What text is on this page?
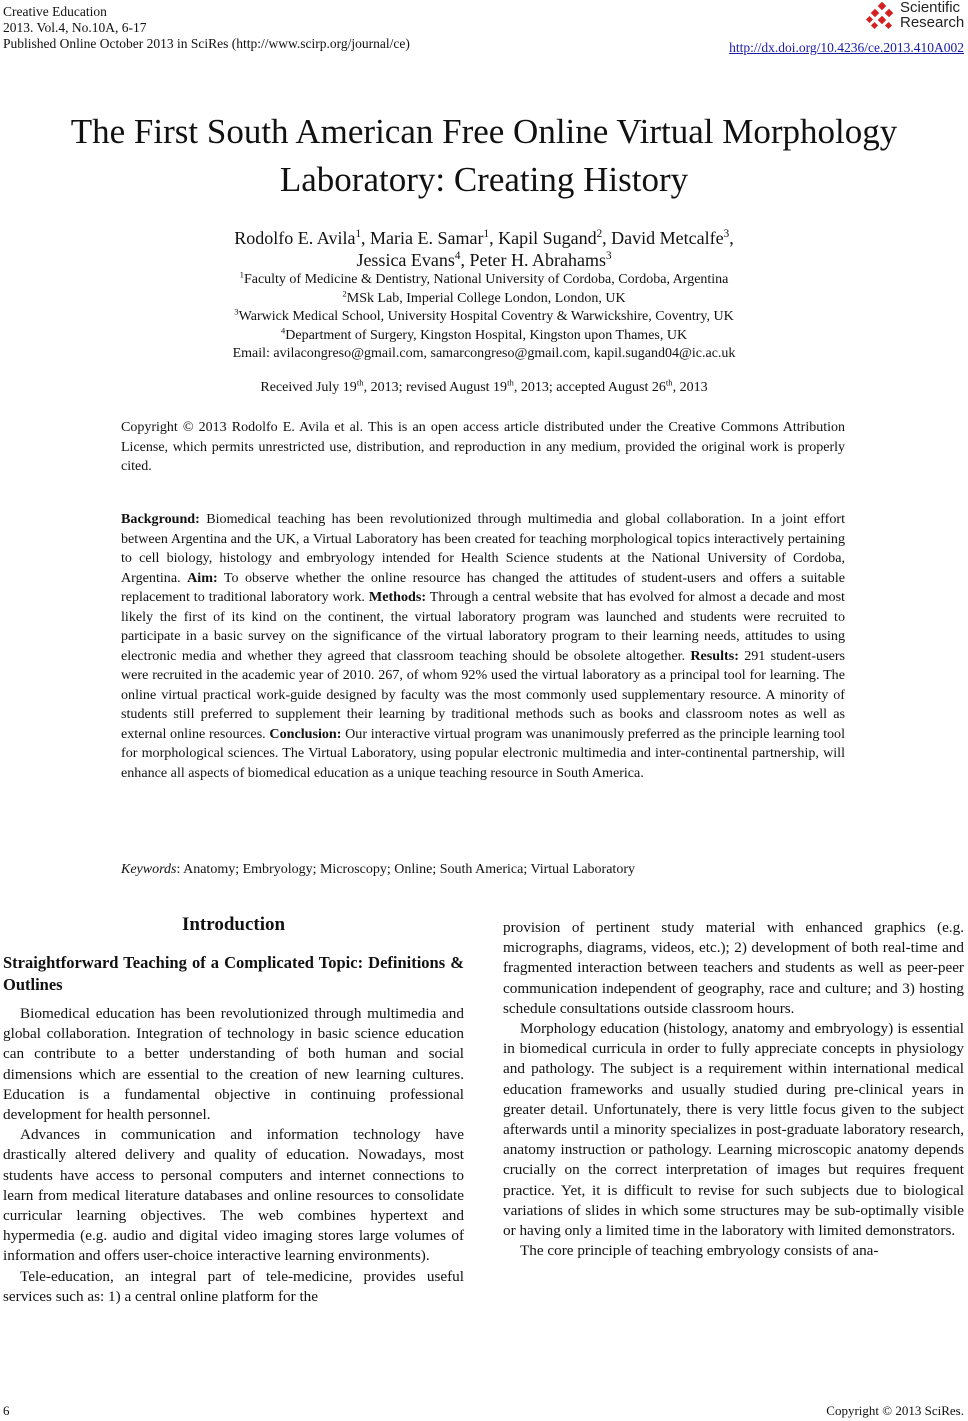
Creative Education
2013. Vol.4, No.10A, 6-17
Published Online October 2013 in SciRes (http://www.scirp.org/journal/ce)
Scientific
Research
http://dx.doi.org/10.4236/ce.2013.410A002
The First South American Free Online Virtual Morphology Laboratory: Creating History
Rodolfo E. Avila$^1$, Maria E. Samar$^1$, Kapil Sugand$^2$, David Metcalfe$^3$,
Jessica Evans$^4$, Peter H. Abrahams$^3$
$^1$Faculty of Medicine & Dentistry, National University of Cordoba, Cordoba, Argentina
$^2$MSk Lab, Imperial College London, London, UK
$^3$Warwick Medical School, University Hospital Coventry & Warwickshire, Coventry, UK
$^4$Department of Surgery, Kingston Hospital, Kingston upon Thames, UK
Email: avilacongreso@gmail.com, samarcongreso@gmail.com, kapil.sugand04@ic.ac.uk
Received July 19th, 2013; revised August 19th, 2013; accepted August 26th, 2013
Copyright © 2013 Rodolfo E. Avila et al. This is an open access article distributed under the Creative Commons Attribution License, which permits unrestricted use, distribution, and reproduction in any medium, provided the original work is properly cited.
Background: Biomedical teaching has been revolutionized through multimedia and global collaboration. In a joint effort between Argentina and the UK, a Virtual Laboratory has been created for teaching morphological topics interactively pertaining to cell biology, histology and embryology intended for Health Science students at the National University of Cordoba, Argentina. Aim: To observe whether the online resource has changed the attitudes of student-users and offers a suitable replacement to traditional laboratory work. Methods: Through a central website that has evolved for almost a decade and most likely the first of its kind on the continent, the virtual laboratory program was launched and students were recruited to participate in a basic survey on the significance of the virtual laboratory program to their learning needs, attitudes to using electronic media and whether they agreed that classroom teaching should be obsolete altogether. Results: 291 student-users were recruited in the academic year of 2010. 267, of whom 92% used the virtual laboratory as a principal tool for learning. The online virtual practical work-guide designed by faculty was the most commonly used supplementary resource. A minority of students still preferred to supplement their learning by traditional methods such as books and classroom notes as well as external online resources. Conclusion: Our interactive virtual program was unanimously preferred as the principle learning tool for morphological sciences. The Virtual Laboratory, using popular electronic multimedia and inter-continental partnership, will enhance all aspects of biomedical education as a unique teaching resource in South America.
Keywords: Anatomy; Embryology; Microscopy; Online; South America; Virtual Laboratory
Introduction
Straightforward Teaching of a Complicated Topic: Definitions & Outlines

Biomedical education has been revolutionized through multimedia and global collaboration. Integration of technology in basic science education can contribute to a better understanding of both human and social dimensions which are essential to the creation of new learning cultures. Education is a fundamental objective in continuing professional development for health personnel.

Advances in communication and information technology have drastically altered delivery and quality of education. Nowadays, most students have access to personal computers and internet connections to learn from medical literature databases and online resources to consolidate curricular learning objectives. The web combines hypertext and hypermedia (e.g. audio and digital video imaging stores large volumes of information and offers user-choice interactive learning environments).

Tele-education, an integral part of tele-medicine, provides useful services such as: 1) a central online platform for the

provision of pertinent study material with enhanced graphics (e.g. micrographs, diagrams, videos, etc.); 2) development of both real-time and fragmented interaction between teachers and students as well as peer-peer communication independent of geography, race and culture; and 3) hosting schedule consultations outside classroom hours.

Morphology education (histology, anatomy and embryology) is essential in biomedical curricula in order to fully appreciate concepts in physiology and pathology. The subject is a requirement within international medical education frameworks and usually studied during pre-clinical years in greater detail. Unfortunately, there is very little focus given to the subject afterwards until a minority specializes in post-graduate laboratory research, anatomy instruction or pathology. Learning microscopic anatomy depends crucially on the correct interpretation of images but requires frequent practice. Yet, it is difficult to revise for such subjects due to biological variations of slides in which some structures may be sub-optimally visible or having only a limited time in the laboratory with limited demonstrators.

The core principle of teaching embryology consists of ana-

6	Copyright © 2013 SciRes.
